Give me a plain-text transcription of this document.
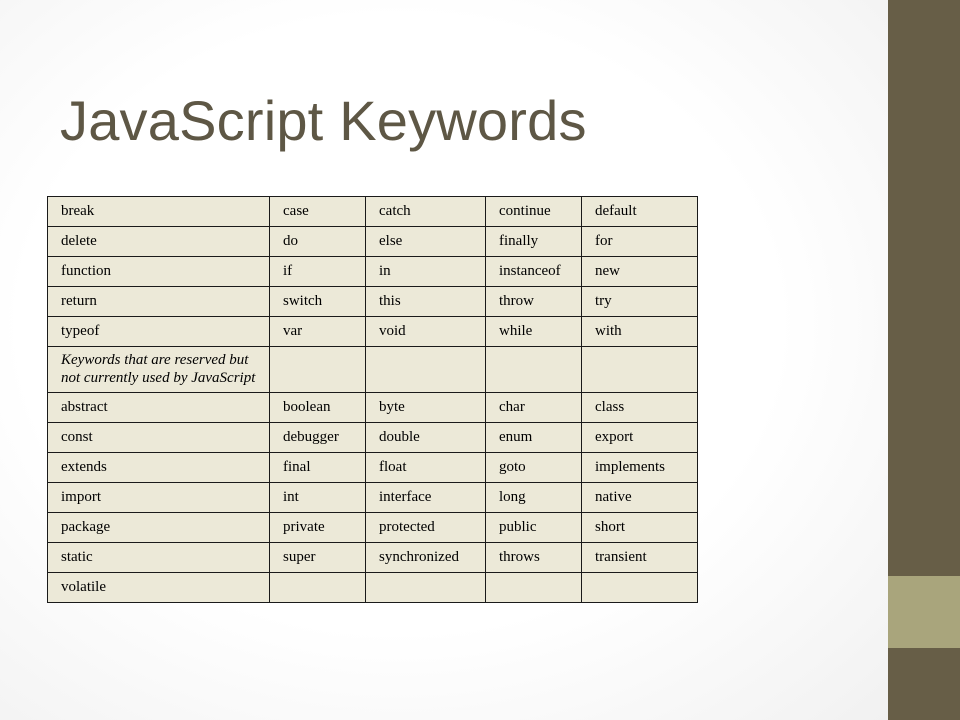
JavaScript Keywords
break	case	catch	continue	default
delete	do	else	finally	for
function	if	in	instanceof	new
return	switch	this	throw	try
typeof	var	void	while	with
Keywords that are reserved but not currently used by JavaScript				
abstract	boolean	byte	char	class
const	debugger	double	enum	export
extends	final	float	goto	implements
import	int	interface	long	native
package	private	protected	public	short
static	super	synchronized	throws	transient
volatile				
